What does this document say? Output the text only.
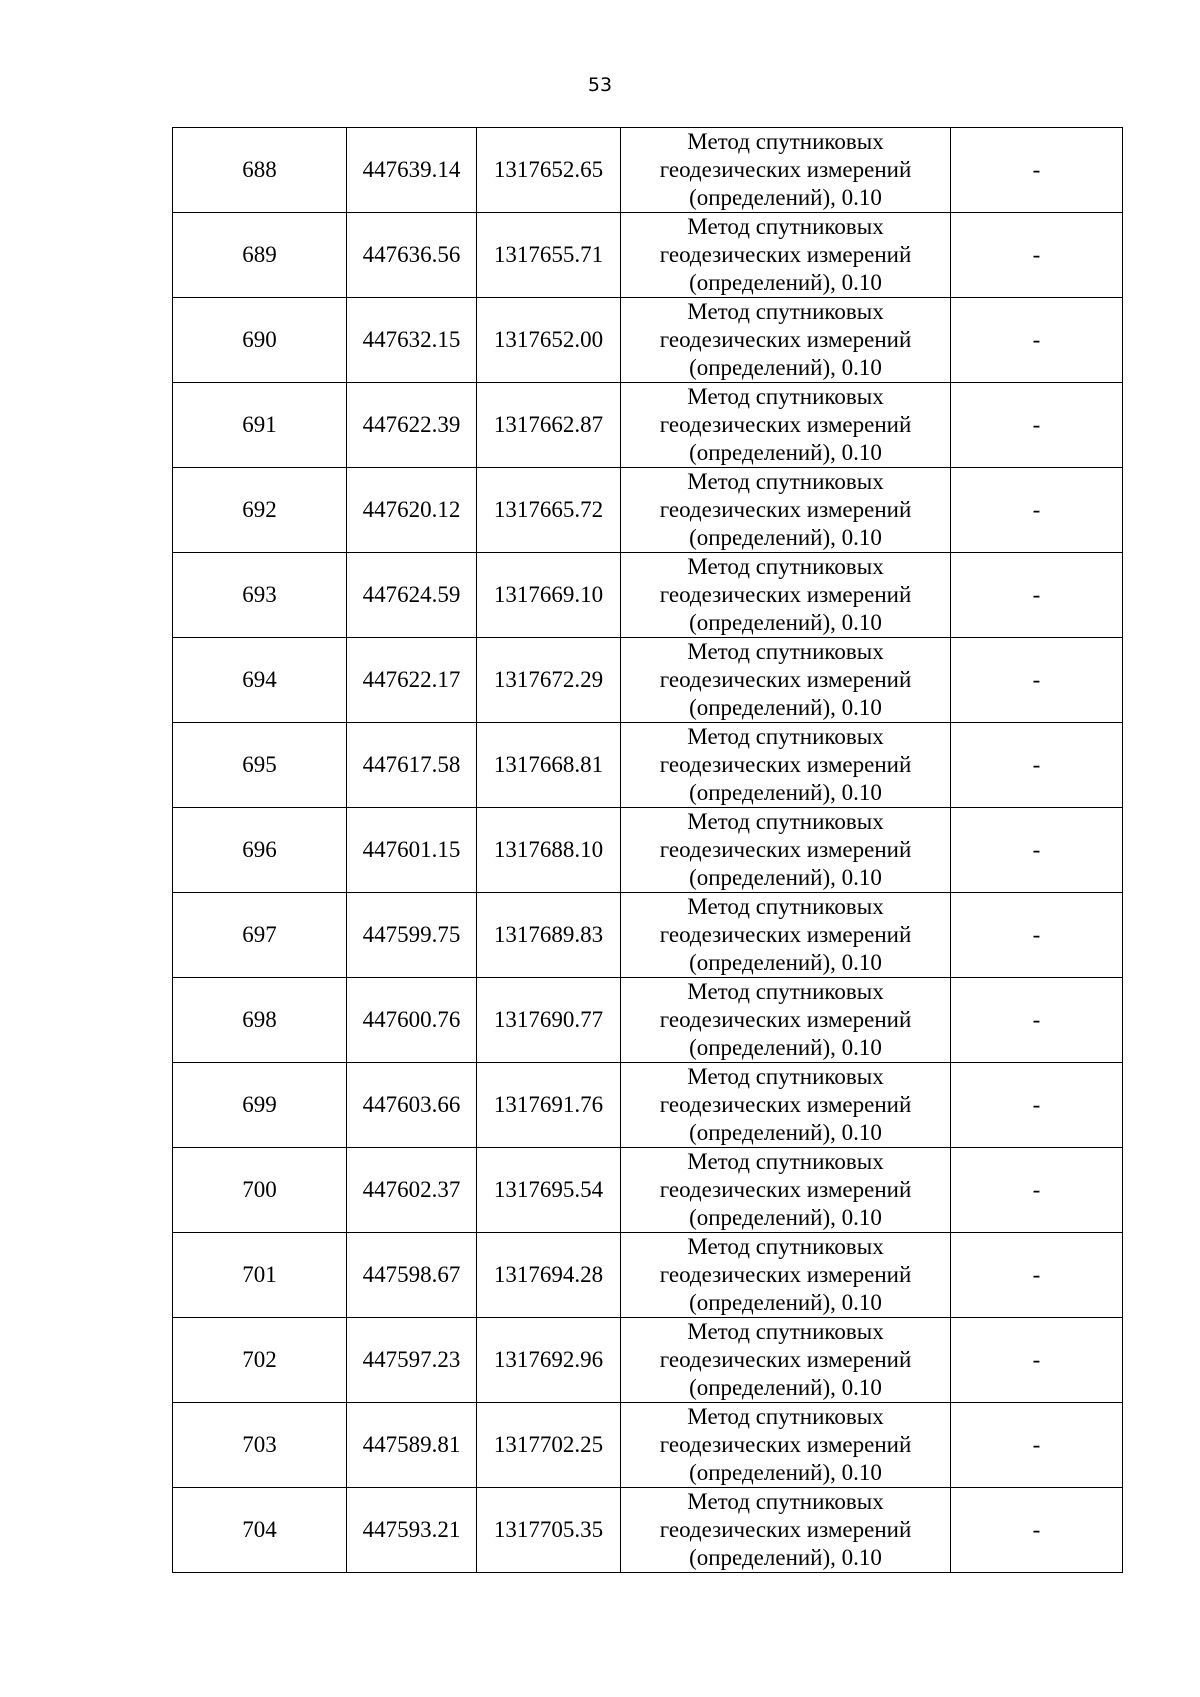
53
688	447639.14	1317652.65	Метод спутниковых
геодезических измерений
(определений), 0.10	-
689	447636.56	1317655.71	Метод спутниковых
геодезических измерений
(определений), 0.10	-
690	447632.15	1317652.00	Метод спутниковых
геодезических измерений
(определений), 0.10	-
691	447622.39	1317662.87	Метод спутниковых
геодезических измерений
(определений), 0.10	-
692	447620.12	1317665.72	Метод спутниковых
геодезических измерений
(определений), 0.10	-
693	447624.59	1317669.10	Метод спутниковых
геодезических измерений
(определений), 0.10	-
694	447622.17	1317672.29	Метод спутниковых
геодезических измерений
(определений), 0.10	-
695	447617.58	1317668.81	Метод спутниковых
геодезических измерений
(определений), 0.10	-
696	447601.15	1317688.10	Метод спутниковых
геодезических измерений
(определений), 0.10	-
697	447599.75	1317689.83	Метод спутниковых
геодезических измерений
(определений), 0.10	-
698	447600.76	1317690.77	Метод спутниковых
геодезических измерений
(определений), 0.10	-
699	447603.66	1317691.76	Метод спутниковых
геодезических измерений
(определений), 0.10	-
700	447602.37	1317695.54	Метод спутниковых
геодезических измерений
(определений), 0.10	-
701	447598.67	1317694.28	Метод спутниковых
геодезических измерений
(определений), 0.10	-
702	447597.23	1317692.96	Метод спутниковых
геодезических измерений
(определений), 0.10	-
703	447589.81	1317702.25	Метод спутниковых
геодезических измерений
(определений), 0.10	-
704	447593.21	1317705.35	Метод спутниковых
геодезических измерений
(определений), 0.10	-
